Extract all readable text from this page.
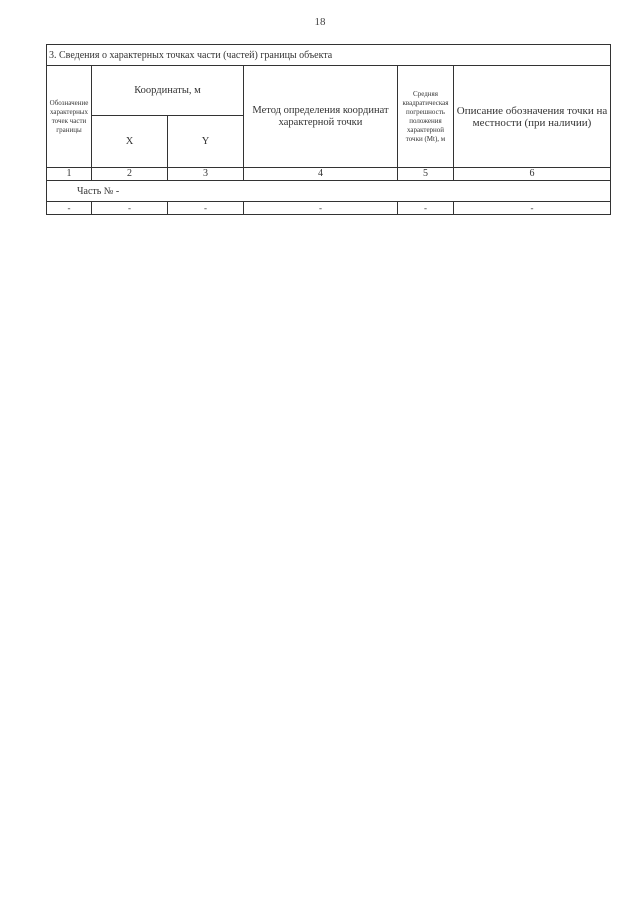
18
3. Сведения о характерных точках части (частей) границы объекта					
Обозначение характерных точек части границы	Координаты, м		Метод определения координат характерной точки	Средняя квадратическая погрешность положения характерной точки (Mt), м	Описание обозначения точки на местности (при наличии)
	X	Y			
1	2	3	4	5	6
Часть № -					
-	-	-	-	-	-
